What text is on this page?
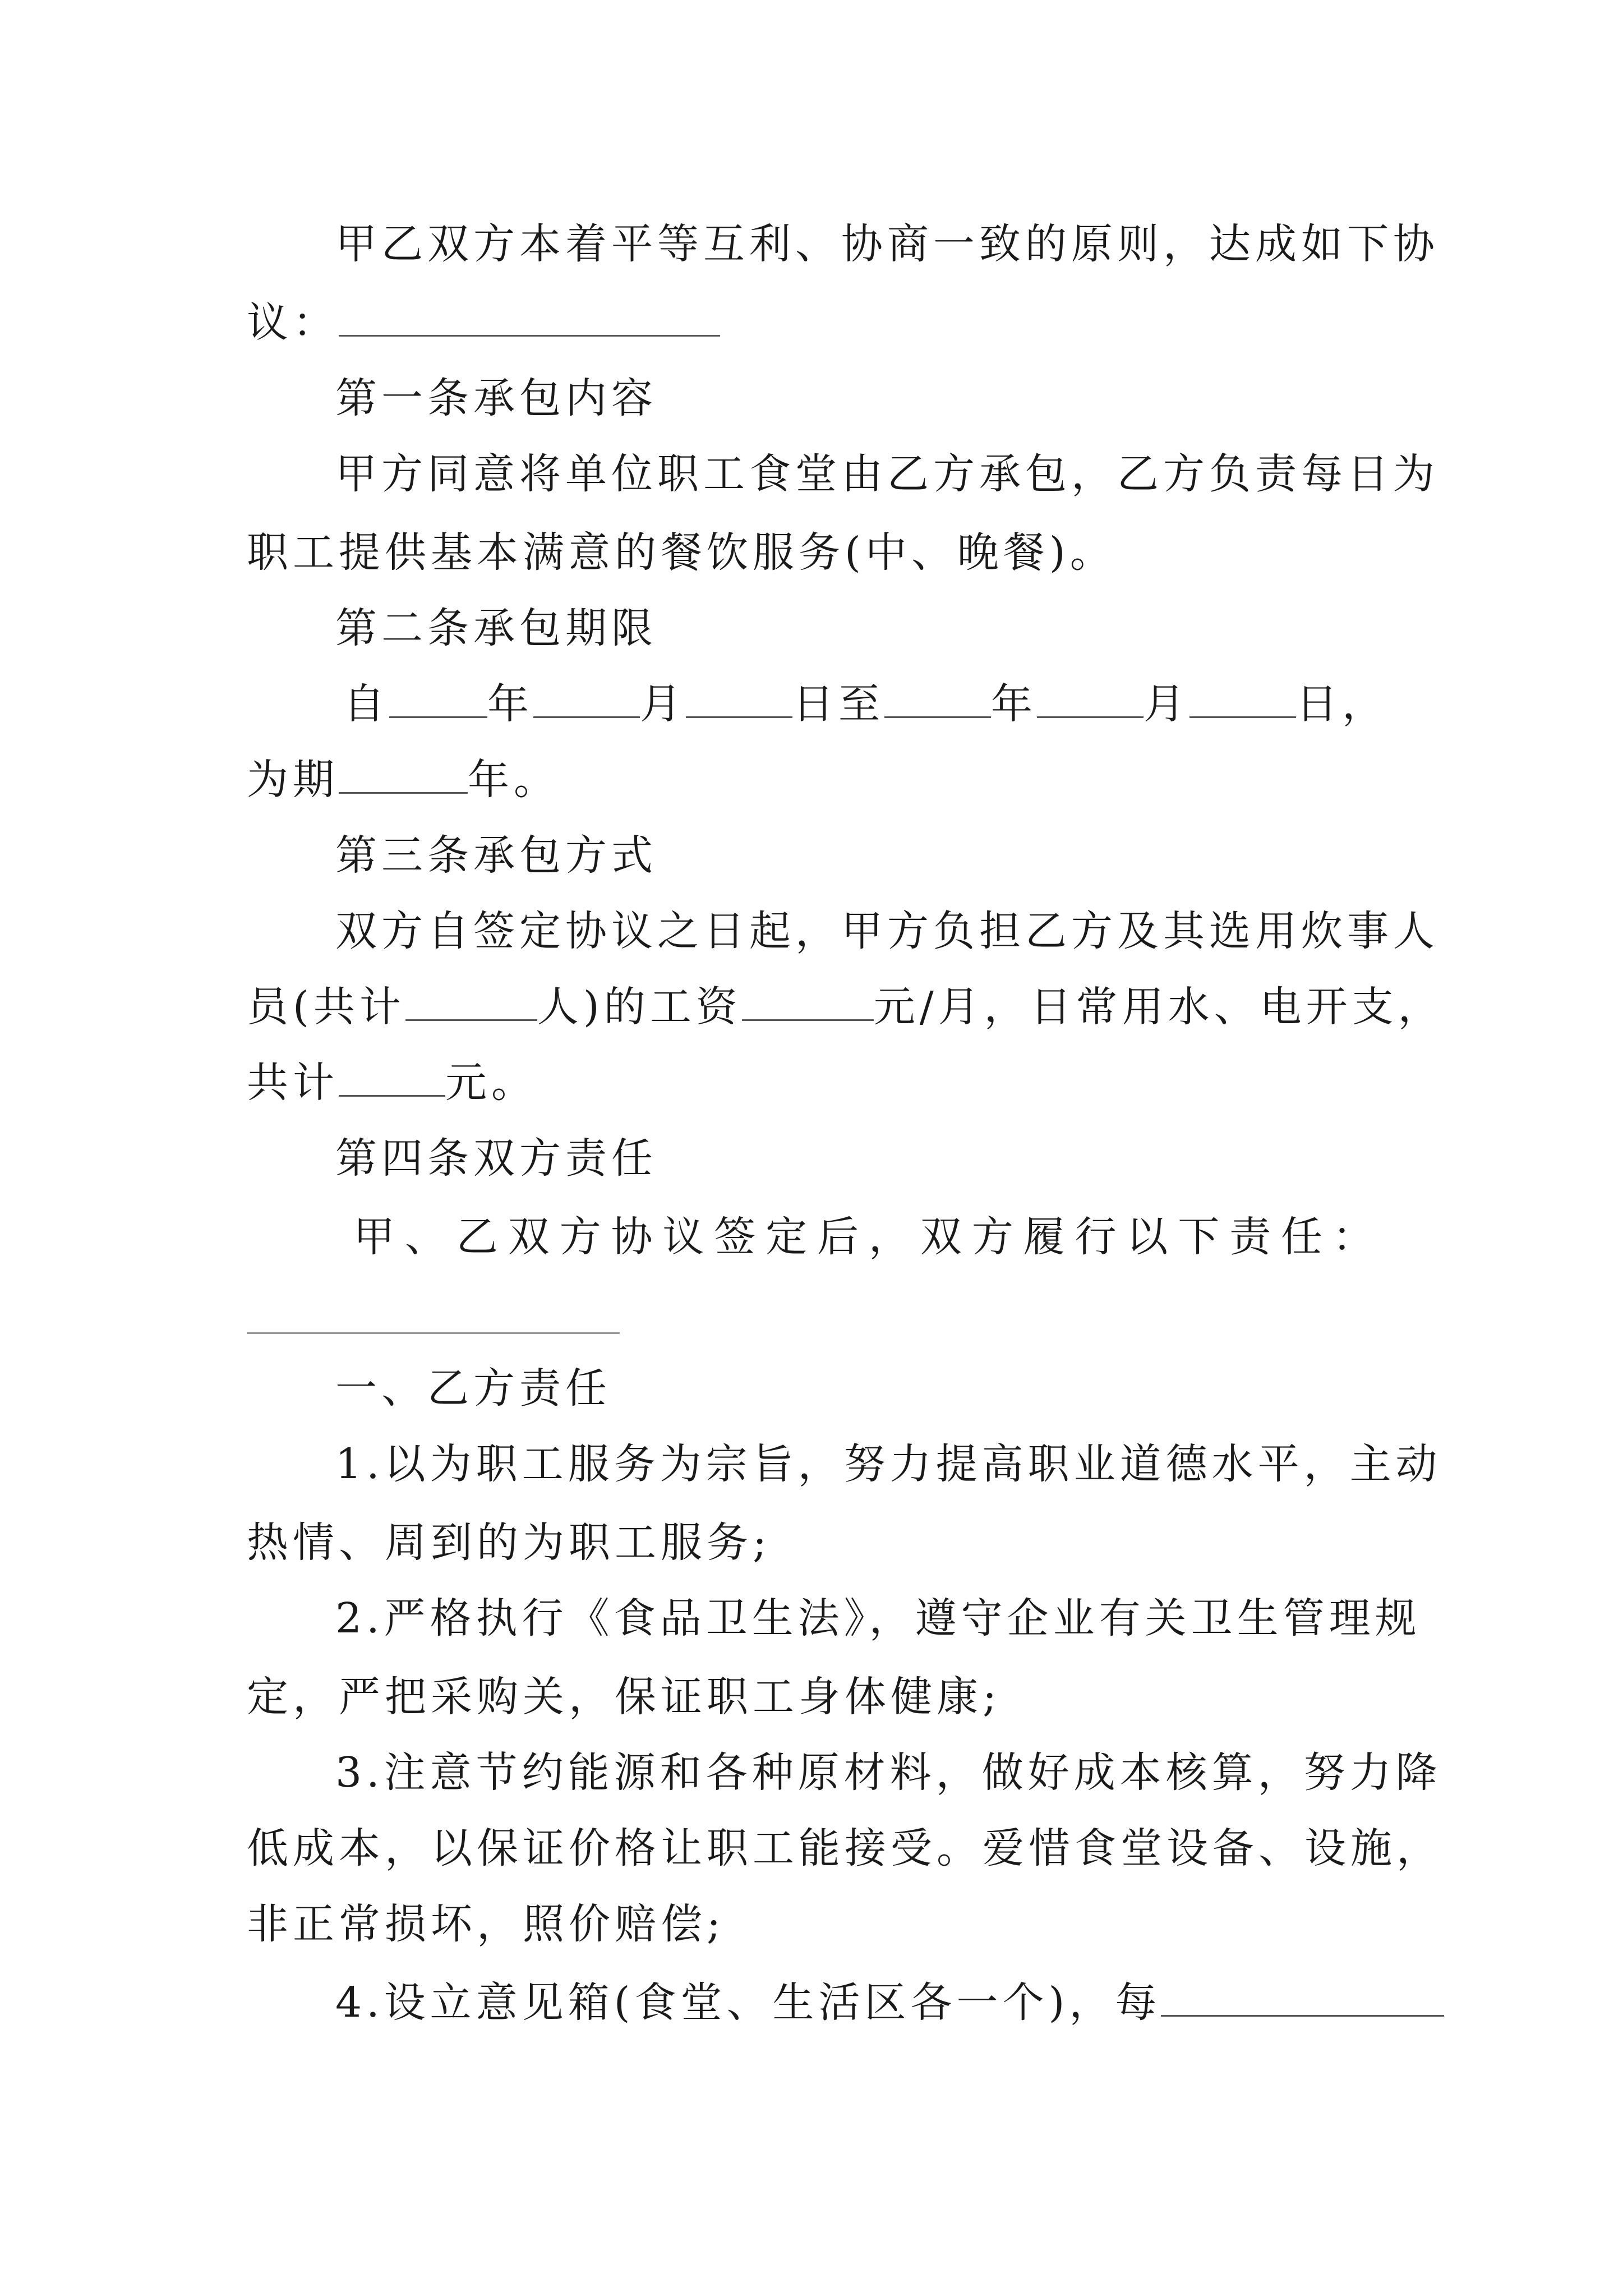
甲乙双方本着平等互利、协商一致的原则，达成如下协
议：
第一条承包内容
甲方同意将单位职工食堂由乙方承包，乙方负责每日为
职工提供基本满意的餐饮服务(中、晚餐)。
第二条承包期限
自 年	月	日至	年	月	日，
为期	年。
第三条承包方式
双方自签定协议之日起，甲方负担乙方及其选用炊事人
员(共计	人)的工资	元/月，日常用水、电开支，
共计	元。
第四条双方责任
甲 、 乙 双 方 协 议 签 定 后 ， 双 方 履 行 以 下 责 任 ：
一、乙方责任
1.以为职工服务为宗旨，努力提高职业道德水平，主动
热情、周到的为职工服务;
2.严格执行《食品卫生法》，遵守企业有关卫生管理规
定，严把采购关，保证职工身体健康;
3.注意节约能源和各种原材料，做好成本核算，努力降
低成本，以保证价格让职工能接受。爱惜食堂设备、设施，
非正常损坏，照价赔偿;
4.设立意见箱(食堂、生活区各一个)，每
